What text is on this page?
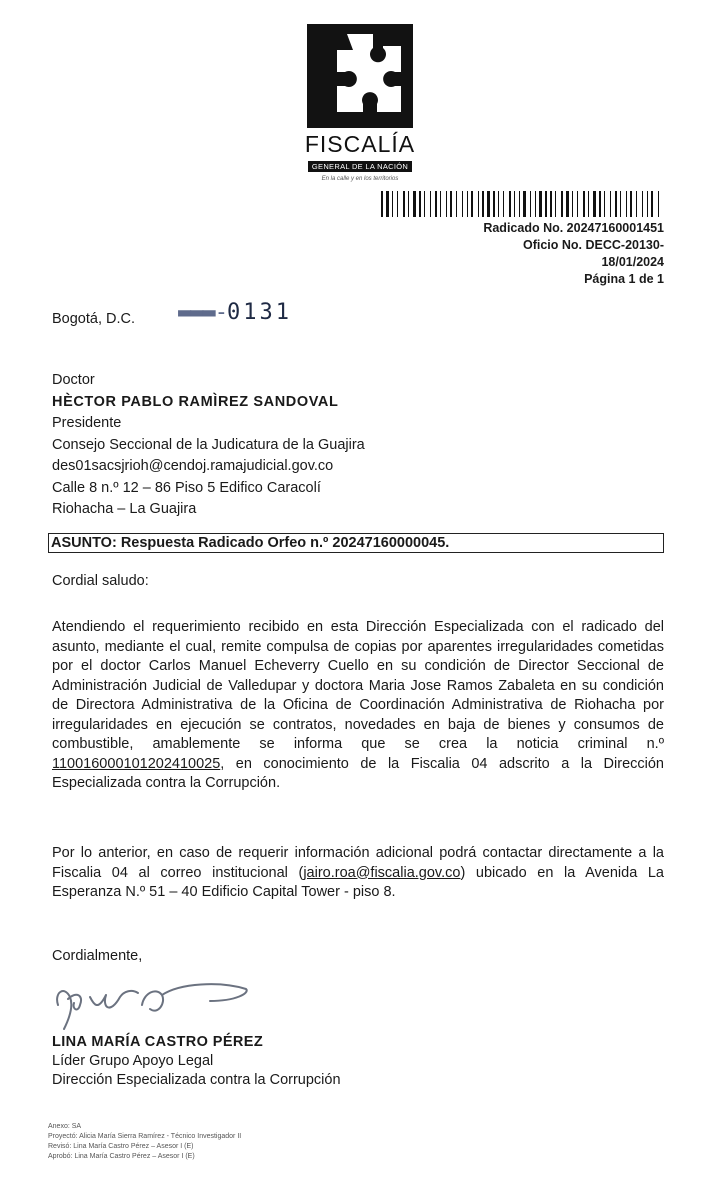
FISCALÍA
GENERAL DE LA NACIÓN
En la calle y en los territorios
Radicado No. 20247160001451
Oficio No. DECC-20130-
18/01/2024
Página 1 de 1
Bogotá, D.C. ▬▬▬-0131
Doctor
HÈCTOR PABLO RAMÌREZ SANDOVAL
Presidente
Consejo Seccional de la Judicatura de la Guajira
des01sacsjrioh@cendoj.ramajudicial.gov.co
Calle 8 n.º 12 – 86 Piso 5 Edifico Caracolí
Riohacha – La Guajira
ASUNTO: Respuesta Radicado Orfeo n.º 20247160000045.
Cordial saludo:
Atendiendo el requerimiento recibido en esta Dirección Especializada con el radicado del asunto, mediante el cual, remite compulsa de copias por aparentes irregularidades cometidas por el doctor Carlos Manuel Echeverry Cuello en su condición de Director Seccional de Administración Judicial de Valledupar y doctora Maria Jose Ramos Zabaleta en su condición de Directora Administrativa de la Oficina de Coordinación Administrativa de Riohacha por irregularidades en ejecución se contratos, novedades en baja de bienes y consumos de combustible, amablemente se informa que se crea la noticia criminal n.º 110016000101202410025, en conocimiento de la Fiscalia 04 adscrito a la Dirección Especializada contra la Corrupción.
Por lo anterior, en caso de requerir información adicional podrá contactar directamente a la Fiscalia 04 al correo institucional (jairo.roa@fiscalia.gov.co) ubicado en la Avenida La Esperanza N.º 51 – 40 Edificio Capital Tower - piso 8.
Cordialmente,
LINA MARÍA CASTRO PÉREZ
Líder Grupo Apoyo Legal
Dirección Especializada contra la Corrupción
Anexo: SA
Proyectó: Alicia María Sierra Ramírez - Técnico Investigador II
Revisó: Lina María Castro Pérez – Asesor I (E)
Aprobó: Lina María Castro Pérez – Asesor I (E)
